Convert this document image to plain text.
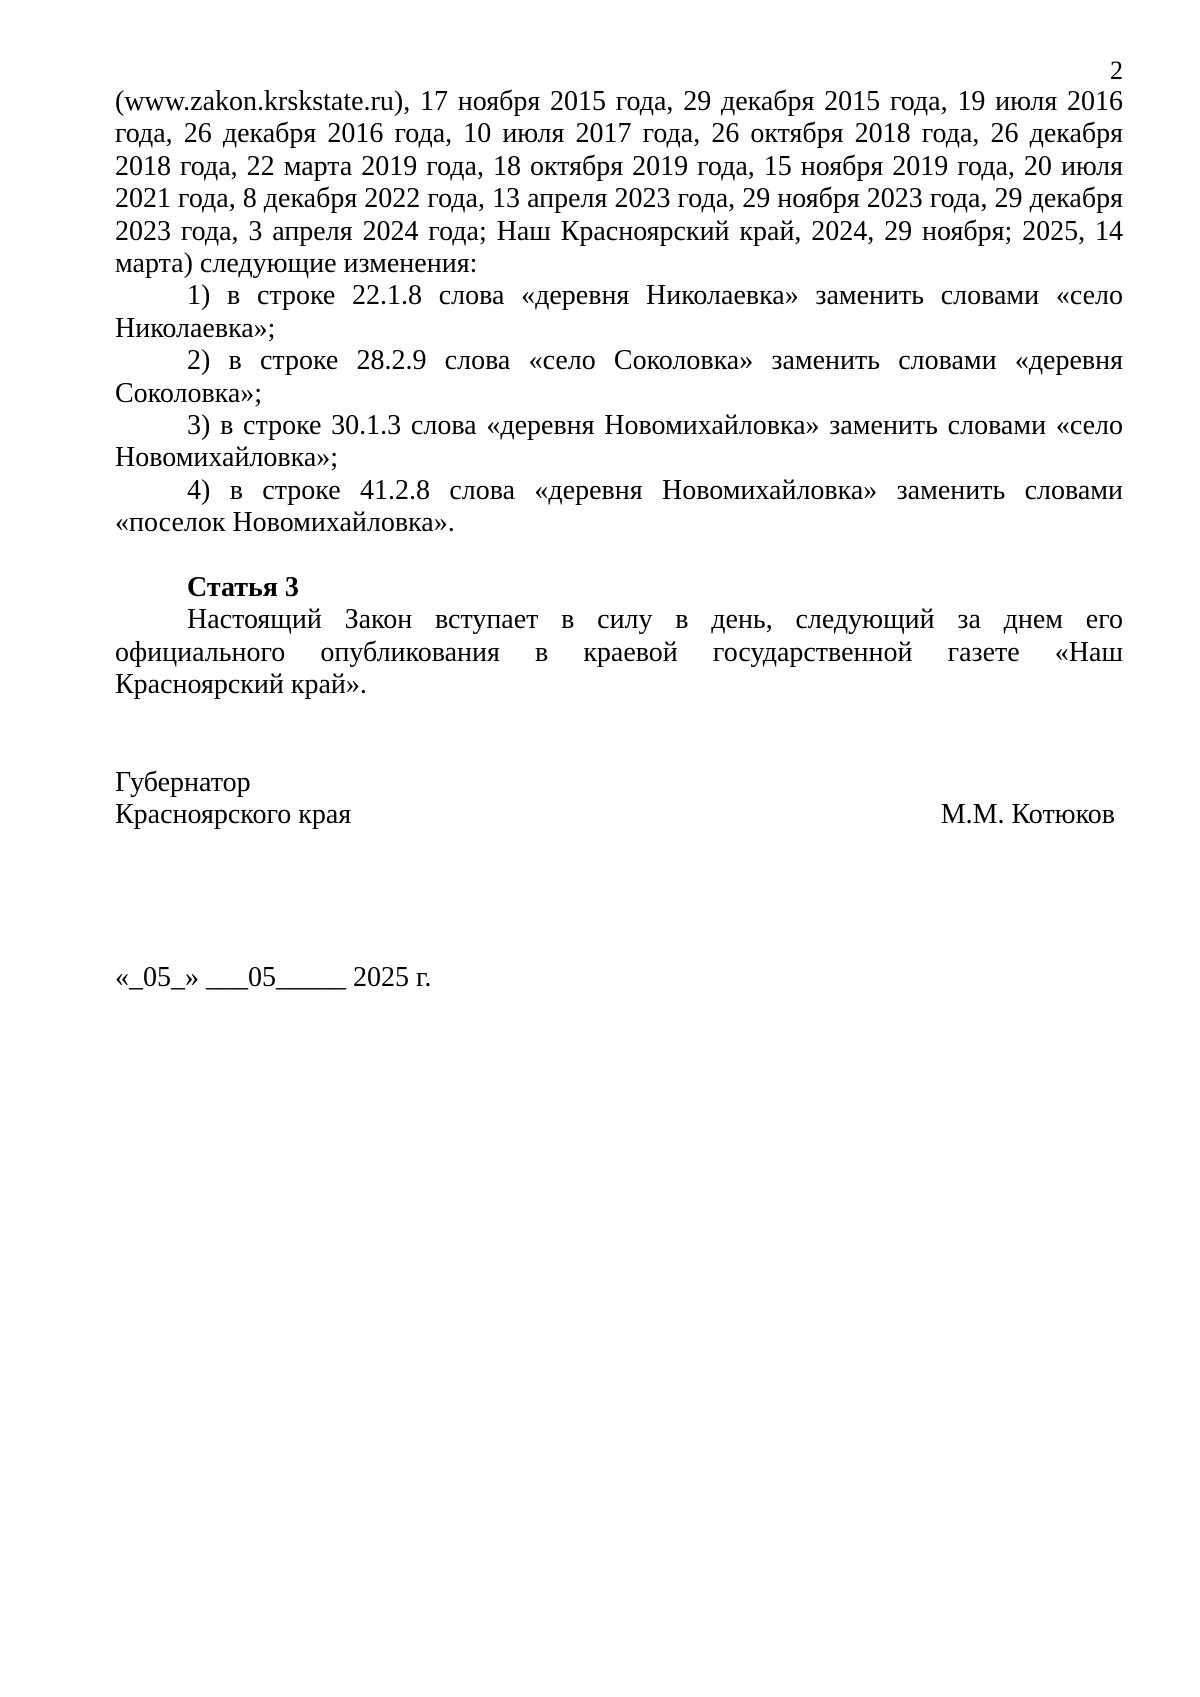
2

(www.zakon.krskstate.ru), 17 ноября 2015 года, 29 декабря 2015 года, 19 июля 2016 года, 26 декабря 2016 года, 10 июля 2017 года, 26 октября 2018 года, 26 декабря 2018 года, 22 марта 2019 года, 18 октября 2019 года, 15 ноября 2019 года, 20 июля 2021 года, 8 декабря 2022 года, 13 апреля 2023 года, 29 ноября 2023 года, 29 декабря 2023 года, 3 апреля 2024 года; Наш Красноярский край, 2024, 29 ноября; 2025, 14 марта) следующие изменения:

1) в строке 22.1.8 слова «деревня Николаевка» заменить словами «село Николаевка»;

2) в строке 28.2.9 слова «село Соколовка» заменить словами «деревня Соколовка»;

3) в строке 30.1.3 слова «деревня Новомихайловка» заменить словами «село Новомихайловка»;

4) в строке 41.2.8 слова «деревня Новомихайловка» заменить словами «поселок Новомихайловка».

Статья 3

Настоящий Закон вступает в силу в день, следующий за днем его официального опубликования в краевой государственной газете «Наш Красноярский край».

Губернатор
Красноярского края	М.М. Котюков
«_05_» ___05_____ 2025 г.
